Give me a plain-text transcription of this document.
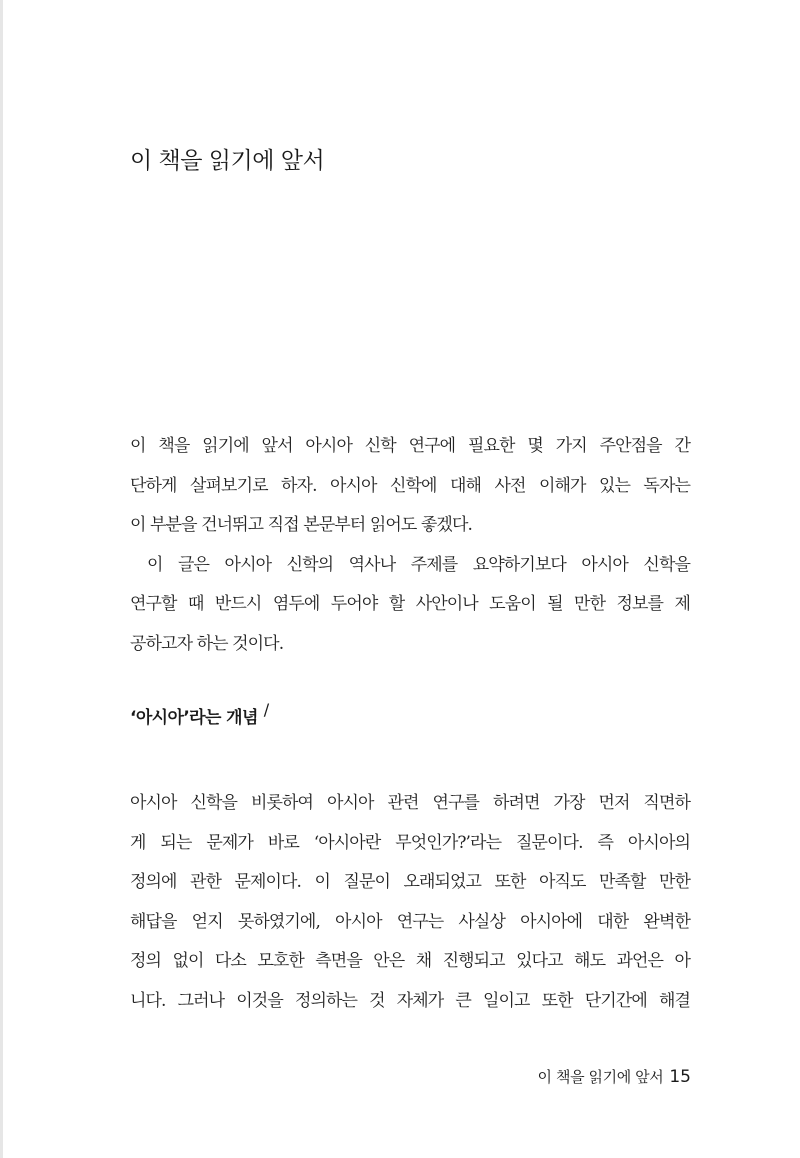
이 책을 읽기에 앞서
이 책을 읽기에 앞서 아시아 신학 연구에 필요한 몇 가지 주안점을 간
단하게 살펴보기로 하자. 아시아 신학에 대해 사전 이해가 있는 독자는
이 부분을 건너뛰고 직접 본문부터 읽어도 좋겠다.
이 글은 아시아 신학의 역사나 주제를 요약하기보다 아시아 신학을
연구할 때 반드시 염두에 두어야 할 사안이나 도움이 될 만한 정보를 제
공하고자 하는 것이다.
‘아시아’라는 개념 /
아시아 신학을 비롯하여 아시아 관련 연구를 하려면 가장 먼저 직면하
게 되는 문제가 바로 ‘아시아란 무엇인가?’라는 질문이다. 즉 아시아의
정의에 관한 문제이다. 이 질문이 오래되었고 또한 아직도 만족할 만한
해답을 얻지 못하였기에, 아시아 연구는 사실상 아시아에 대한 완벽한
정의 없이 다소 모호한 측면을 안은 채 진행되고 있다고 해도 과언은 아
니다. 그러나 이것을 정의하는 것 자체가 큰 일이고 또한 단기간에 해결
이 책을 읽기에 앞서 15
